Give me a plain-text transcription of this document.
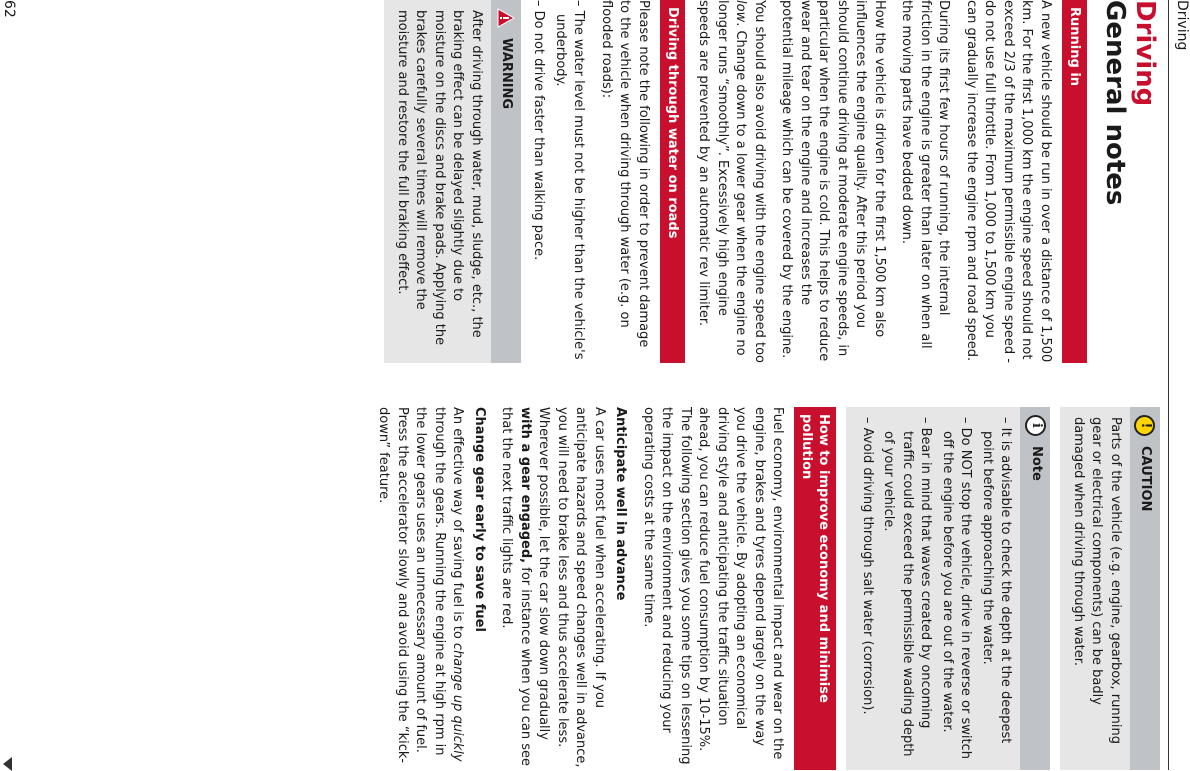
Driving
Driving
General notes
Running in

A new vehicle should be run in over a distance of 1,500 km. For the first 1,000 km the engine speed should not exceed 2/3 of the maximum permissible engine speed - do not use full throttle. From 1,000 to 1,500 km you can gradually increase the engine rpm and road speed.

During its first few hours of running, the internal friction in the engine is greater than later on when all the moving parts have bedded down.

How the vehicle is driven for the first 1,500 km also influences the engine quality. After this period you should continue driving at moderate engine speeds, in particular when the engine is cold. This helps to reduce wear and tear on the engine and increases the potential mileage which can be covered by the engine.

You should also avoid driving with the engine speed too low. Change down to a lower gear when the engine no longer runs “smoothly”. Excessively high engine speeds are prevented by an automatic rev limiter.

Driving through water on roads

Please note the following in order to prevent damage to the vehicle when driving through water (e.g. on flooded roads):

– The water level must not be higher than the vehicle's underbody.
– Do not drive faster than walking pace.
WARNING
After driving through water, mud, sludge, etc., the braking effect can be delayed slightly due to moisture on the discs and brake pads. Applying the brakes carefully several times will remove the moisture and restore the full braking effect.
!
CAUTION
Parts of the vehicle (e.g. engine, gearbox, running gear or electrical components) can be badly damaged when driving through water.
i
Note
– It is advisable to check the depth at the deepest point before approaching the water.
– Do NOT stop the vehicle, drive in reverse or switch off the engine before you are out of the water.
– Bear in mind that waves created by oncoming traffic could exceed the permissible wading depth of your vehicle.
– Avoid driving through salt water (corrosion).
How to improve economy and minimise pollution

Fuel economy, environmental impact and wear on the engine, brakes and tyres depend largely on the way you drive the vehicle. By adopting an economical driving style and anticipating the traffic situation ahead, you can reduce fuel consumption by 10-15%. The following section gives you some tips on lessening the impact on the environment and reducing your operating costs at the same time.

Anticipate well in advance

A car uses most fuel when accelerating. If you anticipate hazards and speed changes well in advance, you will need to brake less and thus accelerate less. Wherever possible, let the car slow down gradually with a gear engaged, for instance when you can see that the next traffic lights are red.

Change gear early to save fuel

An effective way of saving fuel is to change up quickly through the gears. Running the engine at high rpm in the lower gears uses an unnecessary amount of fuel. Press the accelerator slowly and avoid using the “kick-down” feature.

62
